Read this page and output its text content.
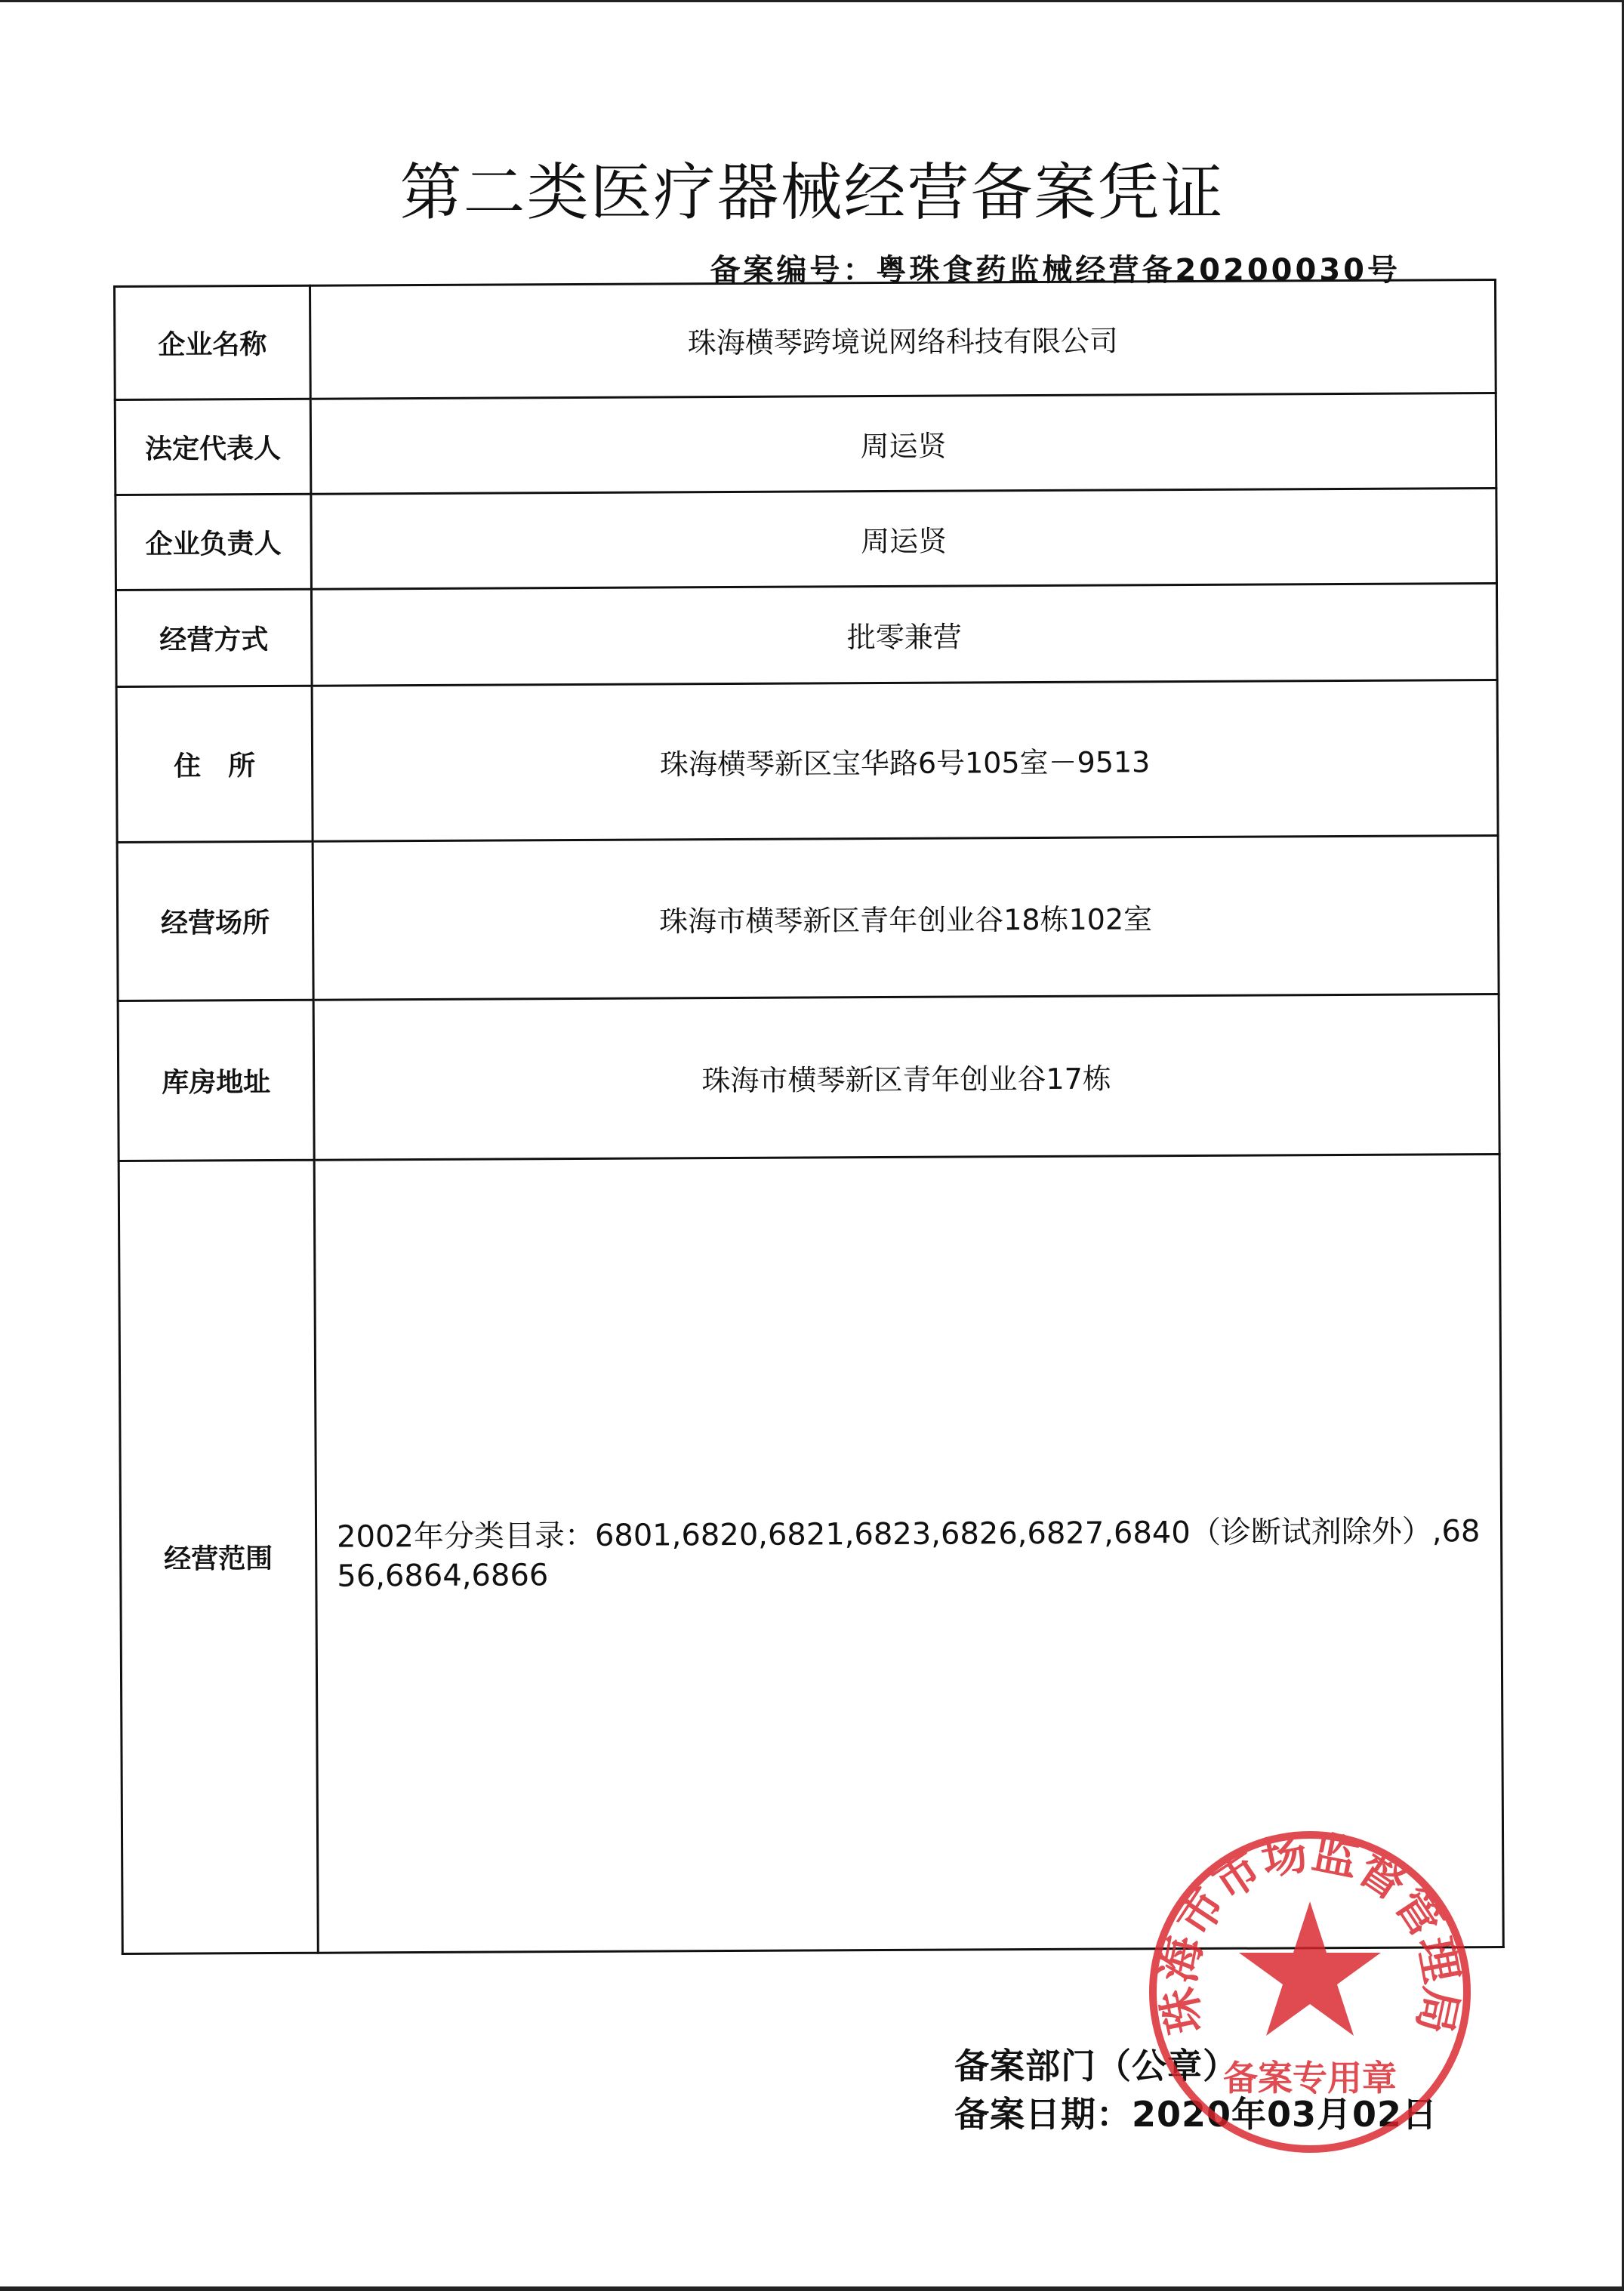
第二类医疗器械经营备案凭证
备案编号：粤珠食药监械经营备20200030号
企业名称	珠海横琴跨境说网络科技有限公司
法定代表人	周运贤
企业负责人	周运贤
经营方式	批零兼营
住　所	珠海横琴新区宝华路6号105室－9513
经营场所	珠海市横琴新区青年创业谷18栋102室
库房地址	珠海市横琴新区青年创业谷17栋
经营范围	2002年分类目录：6801,6820,6821,6823,6826,6827,6840（诊断试剂除外）,6856,6864,6866
备案部门（公章）
备案日期：2020年03月02日
珠海市市场监督管理局
备案专用章
